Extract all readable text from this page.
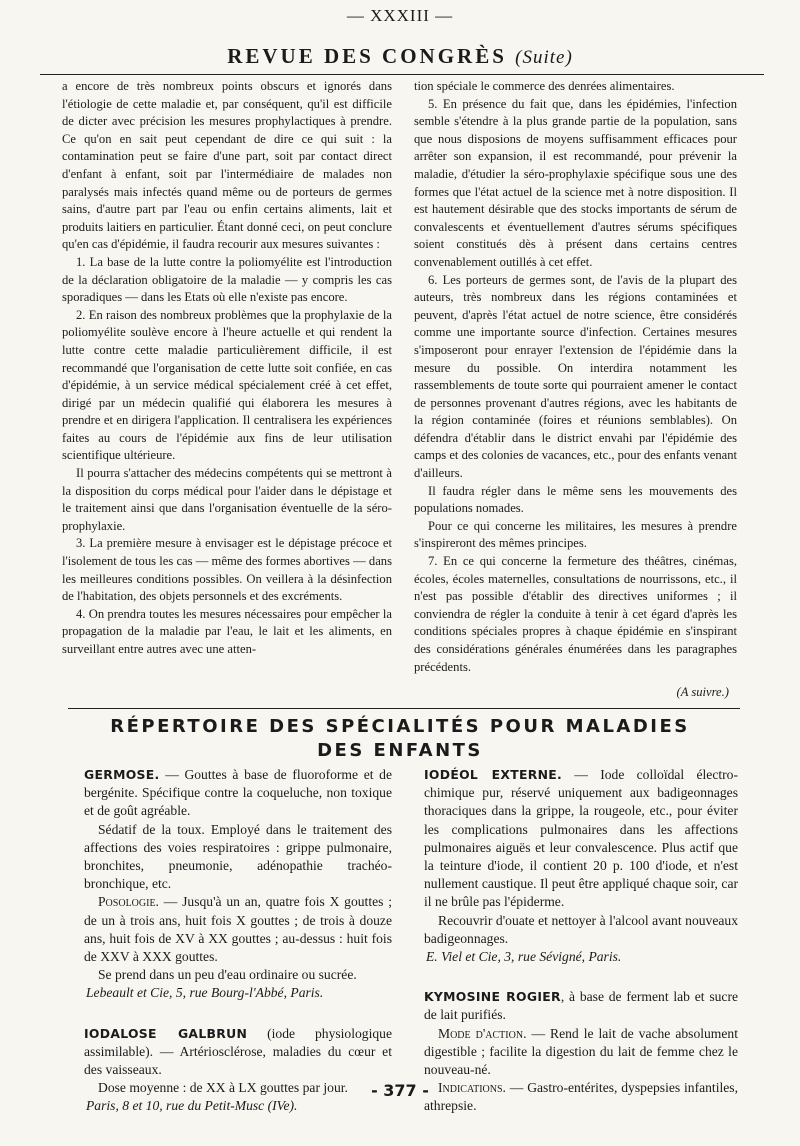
— XXXIII —
REVUE DES CONGRÈS (Suite)

a encore de très nombreux points obscurs et ignorés dans l'étiologie de cette maladie et, par conséquent, qu'il est difficile de dicter avec précision les mesures prophylactiques à prendre. Ce qu'on en sait peut cependant de dire ce qui suit : la contamination peut se faire d'une part, soit par contact direct d'enfant à enfant, soit par l'intermédiaire de malades non paralysés mais infectés quand même ou de porteurs de germes sains, d'autre part par l'eau ou enfin certains aliments, lait et produits laitiers en particulier. Étant donné ceci, on peut conclure qu'en cas d'épidémie, il faudra recourir aux mesures suivantes :

1. La base de la lutte contre la poliomyélite est l'introduction de la déclaration obligatoire de la maladie — y compris les cas sporadiques — dans les Etats où elle n'existe pas encore.

2. En raison des nombreux problèmes que la prophylaxie de la poliomyélite soulève encore à l'heure actuelle et qui rendent la lutte contre cette maladie particulièrement difficile, il est recommandé que l'organisation de cette lutte soit confiée, en cas d'épidémie, à un service médical spécialement créé à cet effet, dirigé par un médecin qualifié qui élaborera les mesures à prendre et en dirigera l'application. Il centralisera les expériences faites au cours de l'épidémie aux fins de leur utilisation scientifique ultérieure.

Il pourra s'attacher des médecins compétents qui se mettront à la disposition du corps médical pour l'aider dans le dépistage et le traitement ainsi que dans l'organisation éventuelle de la séro-prophylaxie.

3. La première mesure à envisager est le dépistage précoce et l'isolement de tous les cas — même des formes abortives — dans les meilleures conditions possibles. On veillera à la désinfection de l'habitation, des objets personnels et des excréments.

4. On prendra toutes les mesures nécessaires pour empêcher la propagation de la maladie par l'eau, le lait et les aliments, en surveillant entre autres avec une atten-

tion spéciale le commerce des denrées alimentaires.

5. En présence du fait que, dans les épidémies, l'infection semble s'étendre à la plus grande partie de la population, sans que nous disposions de moyens suffisamment efficaces pour arrêter son expansion, il est recommandé, pour prévenir la maladie, d'étudier la séro-prophylaxie spécifique sous une des formes que l'état actuel de la science met à notre disposition. Il est hautement désirable que des stocks importants de sérum de convalescents et éventuellement d'autres sérums spécifiques soient constitués dès à présent dans certains centres convenablement outillés à cet effet.

6. Les porteurs de germes sont, de l'avis de la plupart des auteurs, très nombreux dans les régions contaminées et peuvent, d'après l'état actuel de notre science, être considérés comme une importante source d'infection. Certaines mesures s'imposeront pour enrayer l'extension de l'épidémie dans la mesure du possible. On interdira notamment les rassemblements de toute sorte qui pourraient amener le contact de personnes provenant d'autres régions, avec les habitants de la région contaminée (foires et réunions semblables). On défendra d'établir dans le district envahi par l'épidémie des camps et des colonies de vacances, etc., pour des enfants venant d'ailleurs.

Il faudra régler dans le même sens les mouvements des populations nomades.

Pour ce qui concerne les militaires, les mesures à prendre s'inspireront des mêmes principes.

7. En ce qui concerne la fermeture des théâtres, cinémas, écoles, écoles maternelles, consultations de nourrissons, etc., il n'est pas possible d'établir des directives uniformes ; il conviendra de régler la conduite à tenir à cet égard d'après les conditions spéciales propres à chaque épidémie en s'inspirant des considérations générales énumérées dans les paragraphes précédents.

(A suivre.)

RÉPERTOIRE DES SPÉCIALITÉS POUR MALADIES
DES ENFANTS

GERMOSE. — Gouttes à base de fluoroforme et de bergénite. Spécifique contre la coqueluche, non toxique et de goût agréable.

Sédatif de la toux. Employé dans le traitement des affections des voies respiratoires : grippe pulmonaire, bronchites, pneumonie, adénopathie trachéo-bronchique, etc.

Posologie. — Jusqu'à un an, quatre fois X gouttes ; de un à trois ans, huit fois X gouttes ; de trois à douze ans, huit fois de XV à XX gouttes ; au-dessus : huit fois de XXV à XXX gouttes.

Se prend dans un peu d'eau ordinaire ou sucrée.

Lebeault et Cie, 5, rue Bourg-l'Abbé, Paris.

IODALOSE GALBRUN (iode physiologique assimilable). — Artériosclérose, maladies du cœur et des vaisseaux.

Dose moyenne : de XX à LX gouttes par jour.

Paris, 8 et 10, rue du Petit-Musc (IVe).

IODÉOL EXTERNE. — Iode colloïdal électro-chimique pur, réservé uniquement aux badigeonnages thoraciques dans la grippe, la rougeole, etc., pour éviter les complications pulmonaires dans les affections pulmonaires aiguës et leur convalescence. Plus actif que la teinture d'iode, il contient 20 p. 100 d'iode, et n'est nullement caustique. Il peut être appliqué chaque soir, car il ne brûle pas l'épiderme.

Recouvrir d'ouate et nettoyer à l'alcool avant nouveaux badigeonnages.

E. Viel et Cie, 3, rue Sévigné, Paris.

KYMOSINE ROGIER, à base de ferment lab et sucre de lait purifiés.

Mode d'action. — Rend le lait de vache absolument digestible ; facilite la digestion du lait de femme chez le nouveau-né.

Indications. — Gastro-entérites, dyspepsies infantiles, athrepsie.

- 377 -
